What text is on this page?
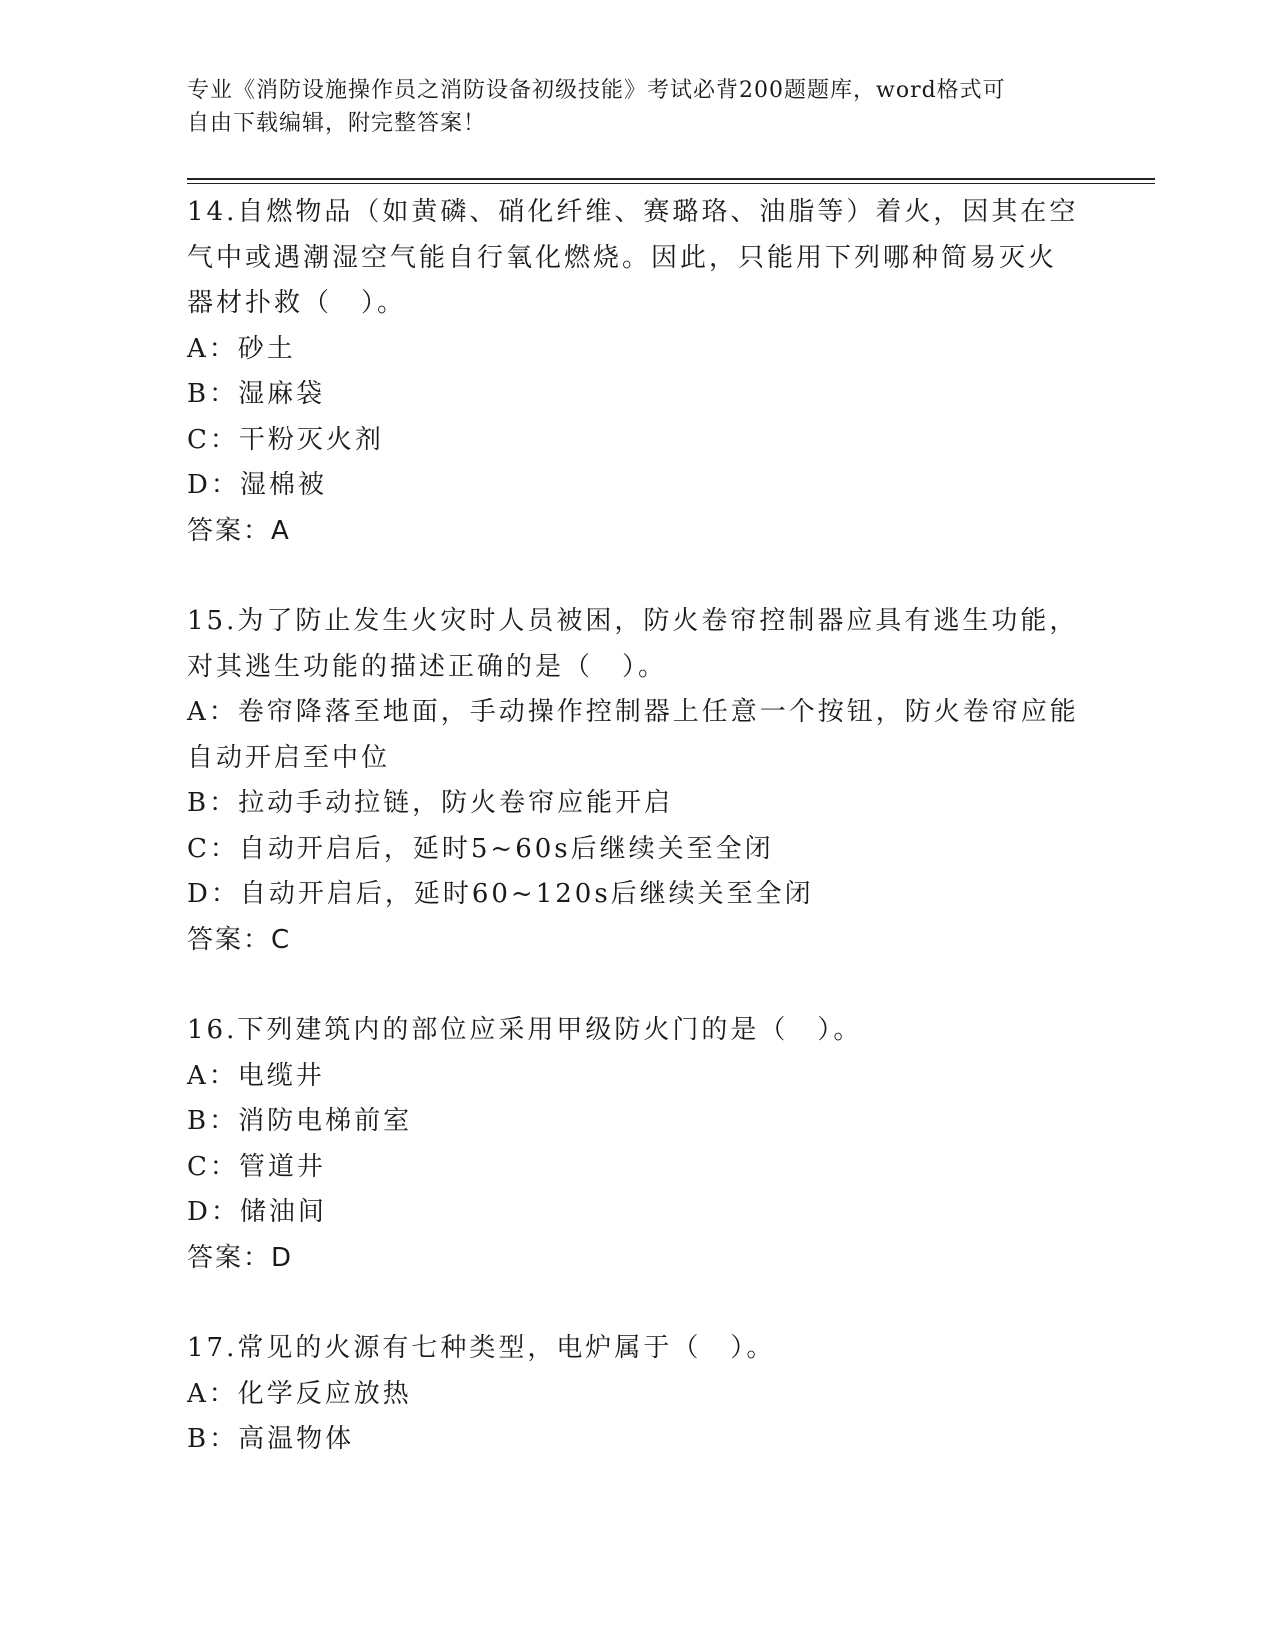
专业《消防设施操作员之消防设备初级技能》考试必背200题题库，word格式可
自由下载编辑，附完整答案！
14.自燃物品（如黄磷、硝化纤维、赛璐珞、油脂等）着火，因其在空
气中或遇潮湿空气能自行氧化燃烧。因此，只能用下列哪种简易灭火
器材扑救（　）。
A：砂土
B：湿麻袋
C：干粉灭火剂
D：湿棉被
答案：A
15.为了防止发生火灾时人员被困，防火卷帘控制器应具有逃生功能，
对其逃生功能的描述正确的是（　）。
A：卷帘降落至地面，手动操作控制器上任意一个按钮，防火卷帘应能
自动开启至中位
B：拉动手动拉链，防火卷帘应能开启
C：自动开启后，延时5~60s后继续关至全闭
D：自动开启后，延时60~120s后继续关至全闭
答案：C
16.下列建筑内的部位应采用甲级防火门的是（　）。
A：电缆井
B：消防电梯前室
C：管道井
D：储油间
答案：D
17.常见的火源有七种类型，电炉属于（　）。
A：化学反应放热
B：高温物体
